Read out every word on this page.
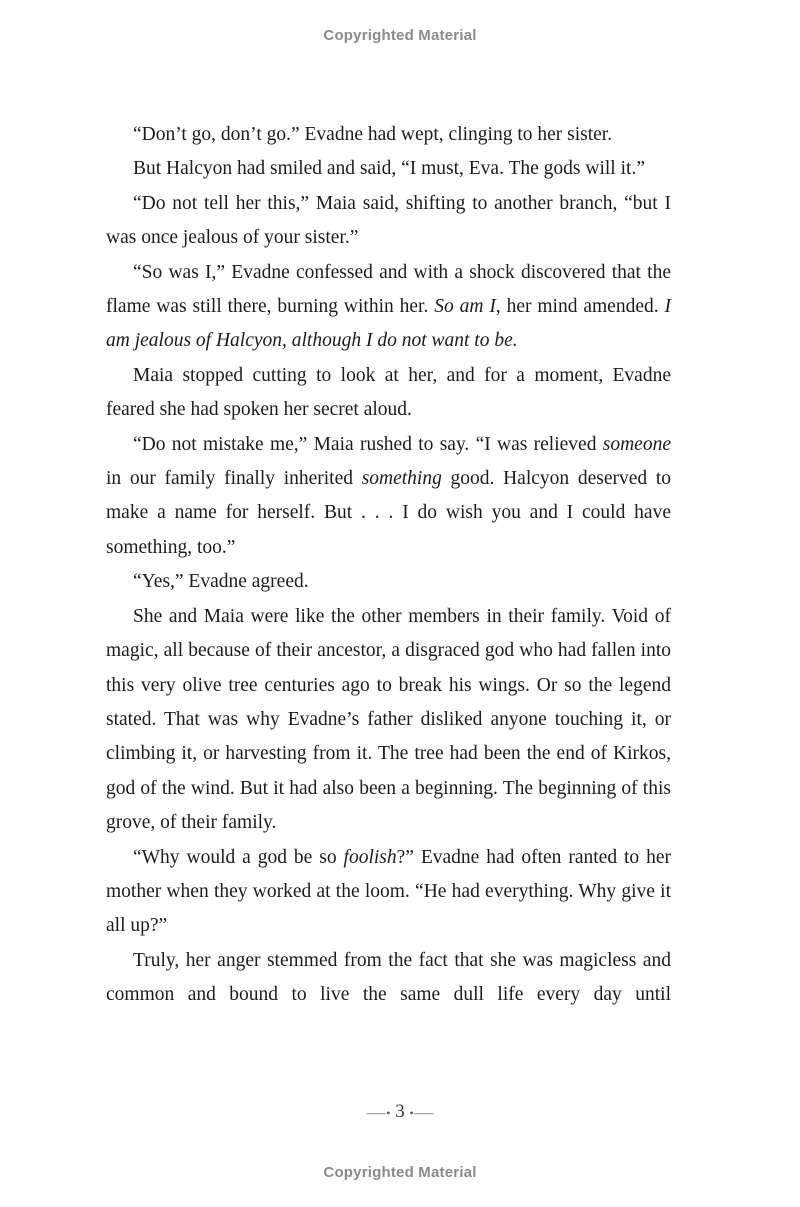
Copyrighted Material

“Don’t go, don’t go.” Evadne had wept, clinging to her sister.

But Halcyon had smiled and said, “I must, Eva. The gods will it.”

“Do not tell her this,” Maia said, shifting to another branch, “but I was once jealous of your sister.”

“So was I,” Evadne confessed and with a shock discovered that the flame was still there, burning within her. So am I, her mind amended. I am jealous of Halcyon, although I do not want to be.

Maia stopped cutting to look at her, and for a moment, Evadne feared she had spoken her secret aloud.

“Do not mistake me,” Maia rushed to say. “I was relieved someone in our family finally inherited something good. Halcyon deserved to make a name for herself. But . . . I do wish you and I could have something, too.”

“Yes,” Evadne agreed.

She and Maia were like the other members in their family. Void of magic, all because of their ancestor, a disgraced god who had fallen into this very olive tree centuries ago to break his wings. Or so the legend stated. That was why Evadne’s father disliked anyone touching it, or climbing it, or harvesting from it. The tree had been the end of Kirkos, god of the wind. But it had also been a beginning. The beginning of this grove, of their family.

“Why would a god be so foolish?” Evadne had often ranted to her mother when they worked at the loom. “He had everything. Why give it all up?”

Truly, her anger stemmed from the fact that she was magicless and common and bound to live the same dull life every day until

⸺• 3 •⸺
Copyrighted Material
